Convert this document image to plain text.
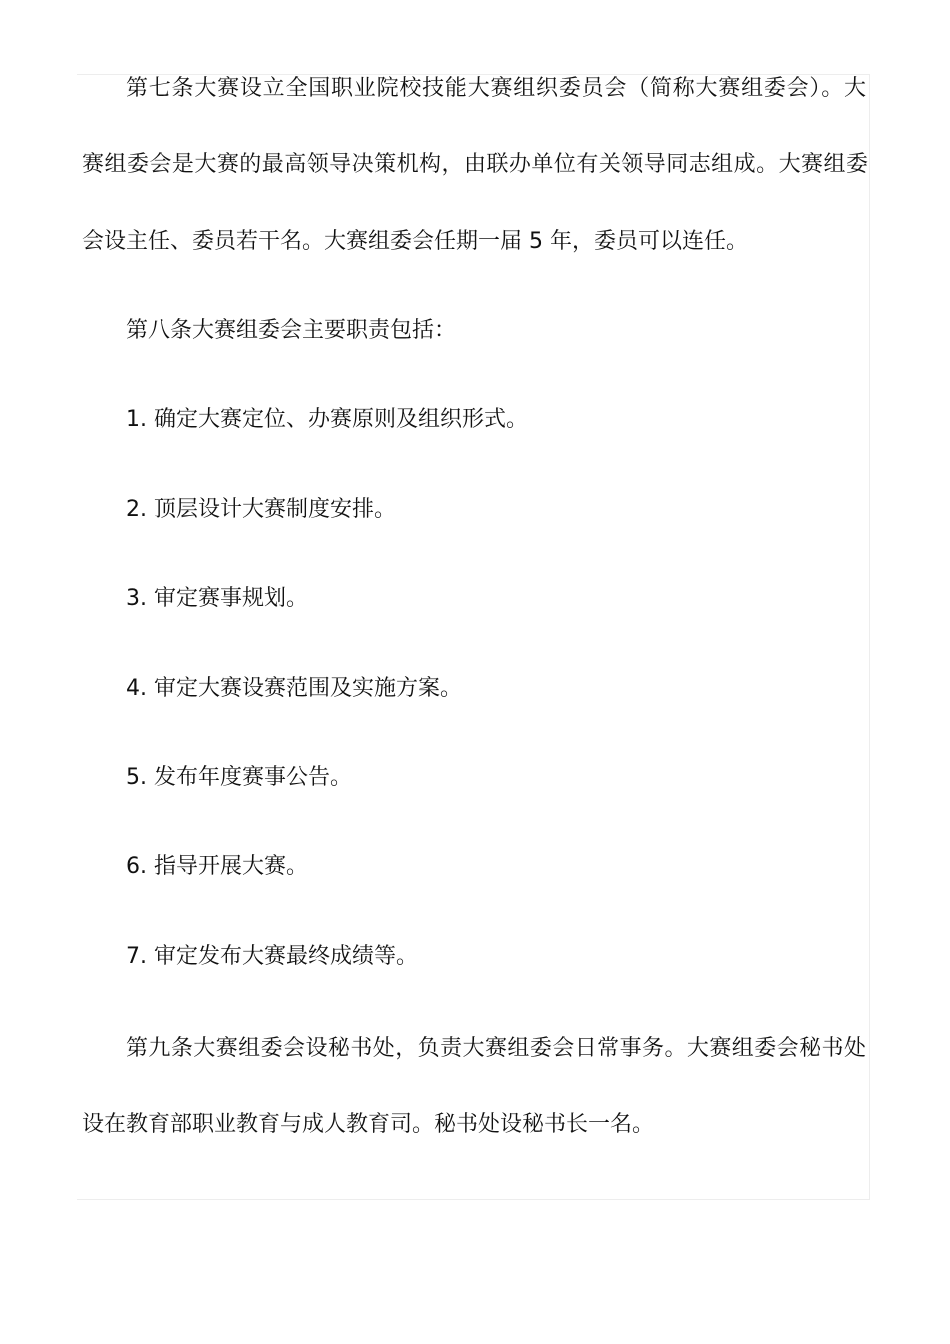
第七条大赛设立全国职业院校技能大赛组织委员会（简称大赛组委会）。大
赛组委会是大赛的最高领导决策机构，由联办单位有关领导同志组成。大赛组委
会设主任、委员若干名。大赛组委会任期一届 5 年，委员可以连任。
第八条大赛组委会主要职责包括：
1. 确定大赛定位、办赛原则及组织形式。
2. 顶层设计大赛制度安排。
3. 审定赛事规划。
4. 审定大赛设赛范围及实施方案。
5. 发布年度赛事公告。
6. 指导开展大赛。
7. 审定发布大赛最终成绩等。
第九条大赛组委会设秘书处，负责大赛组委会日常事务。大赛组委会秘书处
设在教育部职业教育与成人教育司。秘书处设秘书长一名。
